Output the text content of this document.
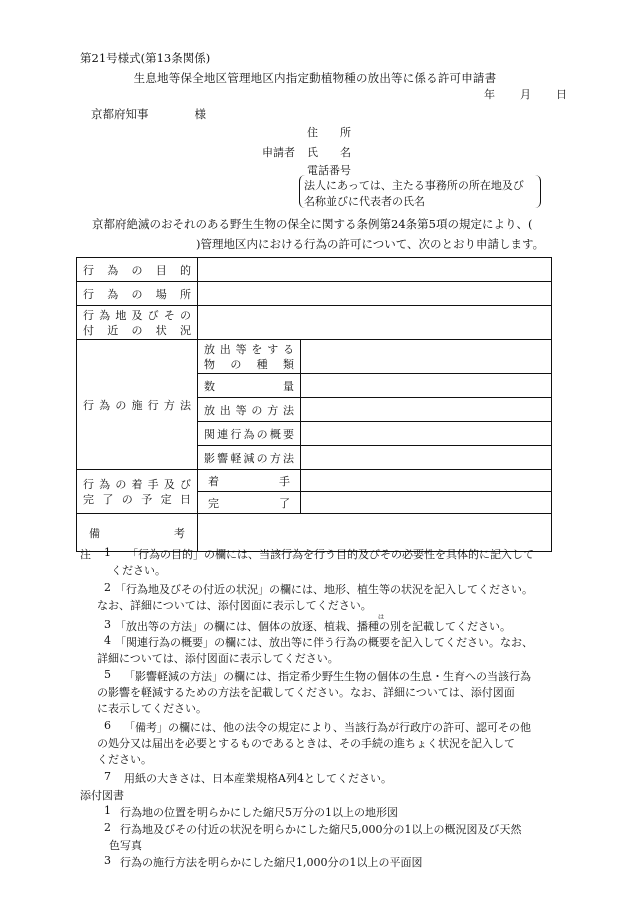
第21号様式(第13条関係)
生息地等保全地区管理地区内指定動植物種の放出等に係る許可申請書
年 月 日
京都府知事	様
住　　所
申請者 氏　　名
電話番号
法人にあっては、主たる事務所の所在地及び
名称並びに代表者の氏名
京都府絶滅のおそれのある野生生物の保全に関する条例第24条第5項の規定により、(
)管理地区内における行為の許可について、次のとおり申請します。
行為の目的		
行為の場所		

行為地及びその
付近の状況		

行為の施行方法	放出等をする
物の種類	

	数量	
	放出等の方法	
	関連行為の概要	
	影響軽減の方法	

行為の着手及び
完了の予定日	着手	
	完了	
備考		
注 1 「行為の目的」の欄には、当該行為を行う目的及びその必要性を具体的に記入して
ください。
2 「行為地及びその付近の状況」の欄には、地形、植生等の状況を記入してください。
なお、詳細については、添付図面に表示してください。
は
3 「放出等の方法」の欄には、個体の放逐、植栽、播種の別を記載してください。
4 「関連行為の概要」の欄には、放出等に伴う行為の概要を記入してください。なお、
詳細については、添付図面に表示してください。
5 「影響軽減の方法」の欄には、指定希少野生生物の個体の生息・生育への当該行為
の影響を軽減するための方法を記載してください。なお、詳細については、添付図面
に表示してください。
6 「備考」の欄には、他の法令の規定により、当該行為が行政庁の許可、認可その他
の処分又は届出を必要とするものであるときは、その手続の進ちょく状況を記入して
ください。
7 用紙の大きさは、日本産業規格A列4としてください。
添付図書
1 行為地の位置を明らかにした縮尺5万分の1以上の地形図
2 行為地及びその付近の状況を明らかにした縮尺5,000分の1以上の概況図及び天然
色写真
3 行為の施行方法を明らかにした縮尺1,000分の1以上の平面図
